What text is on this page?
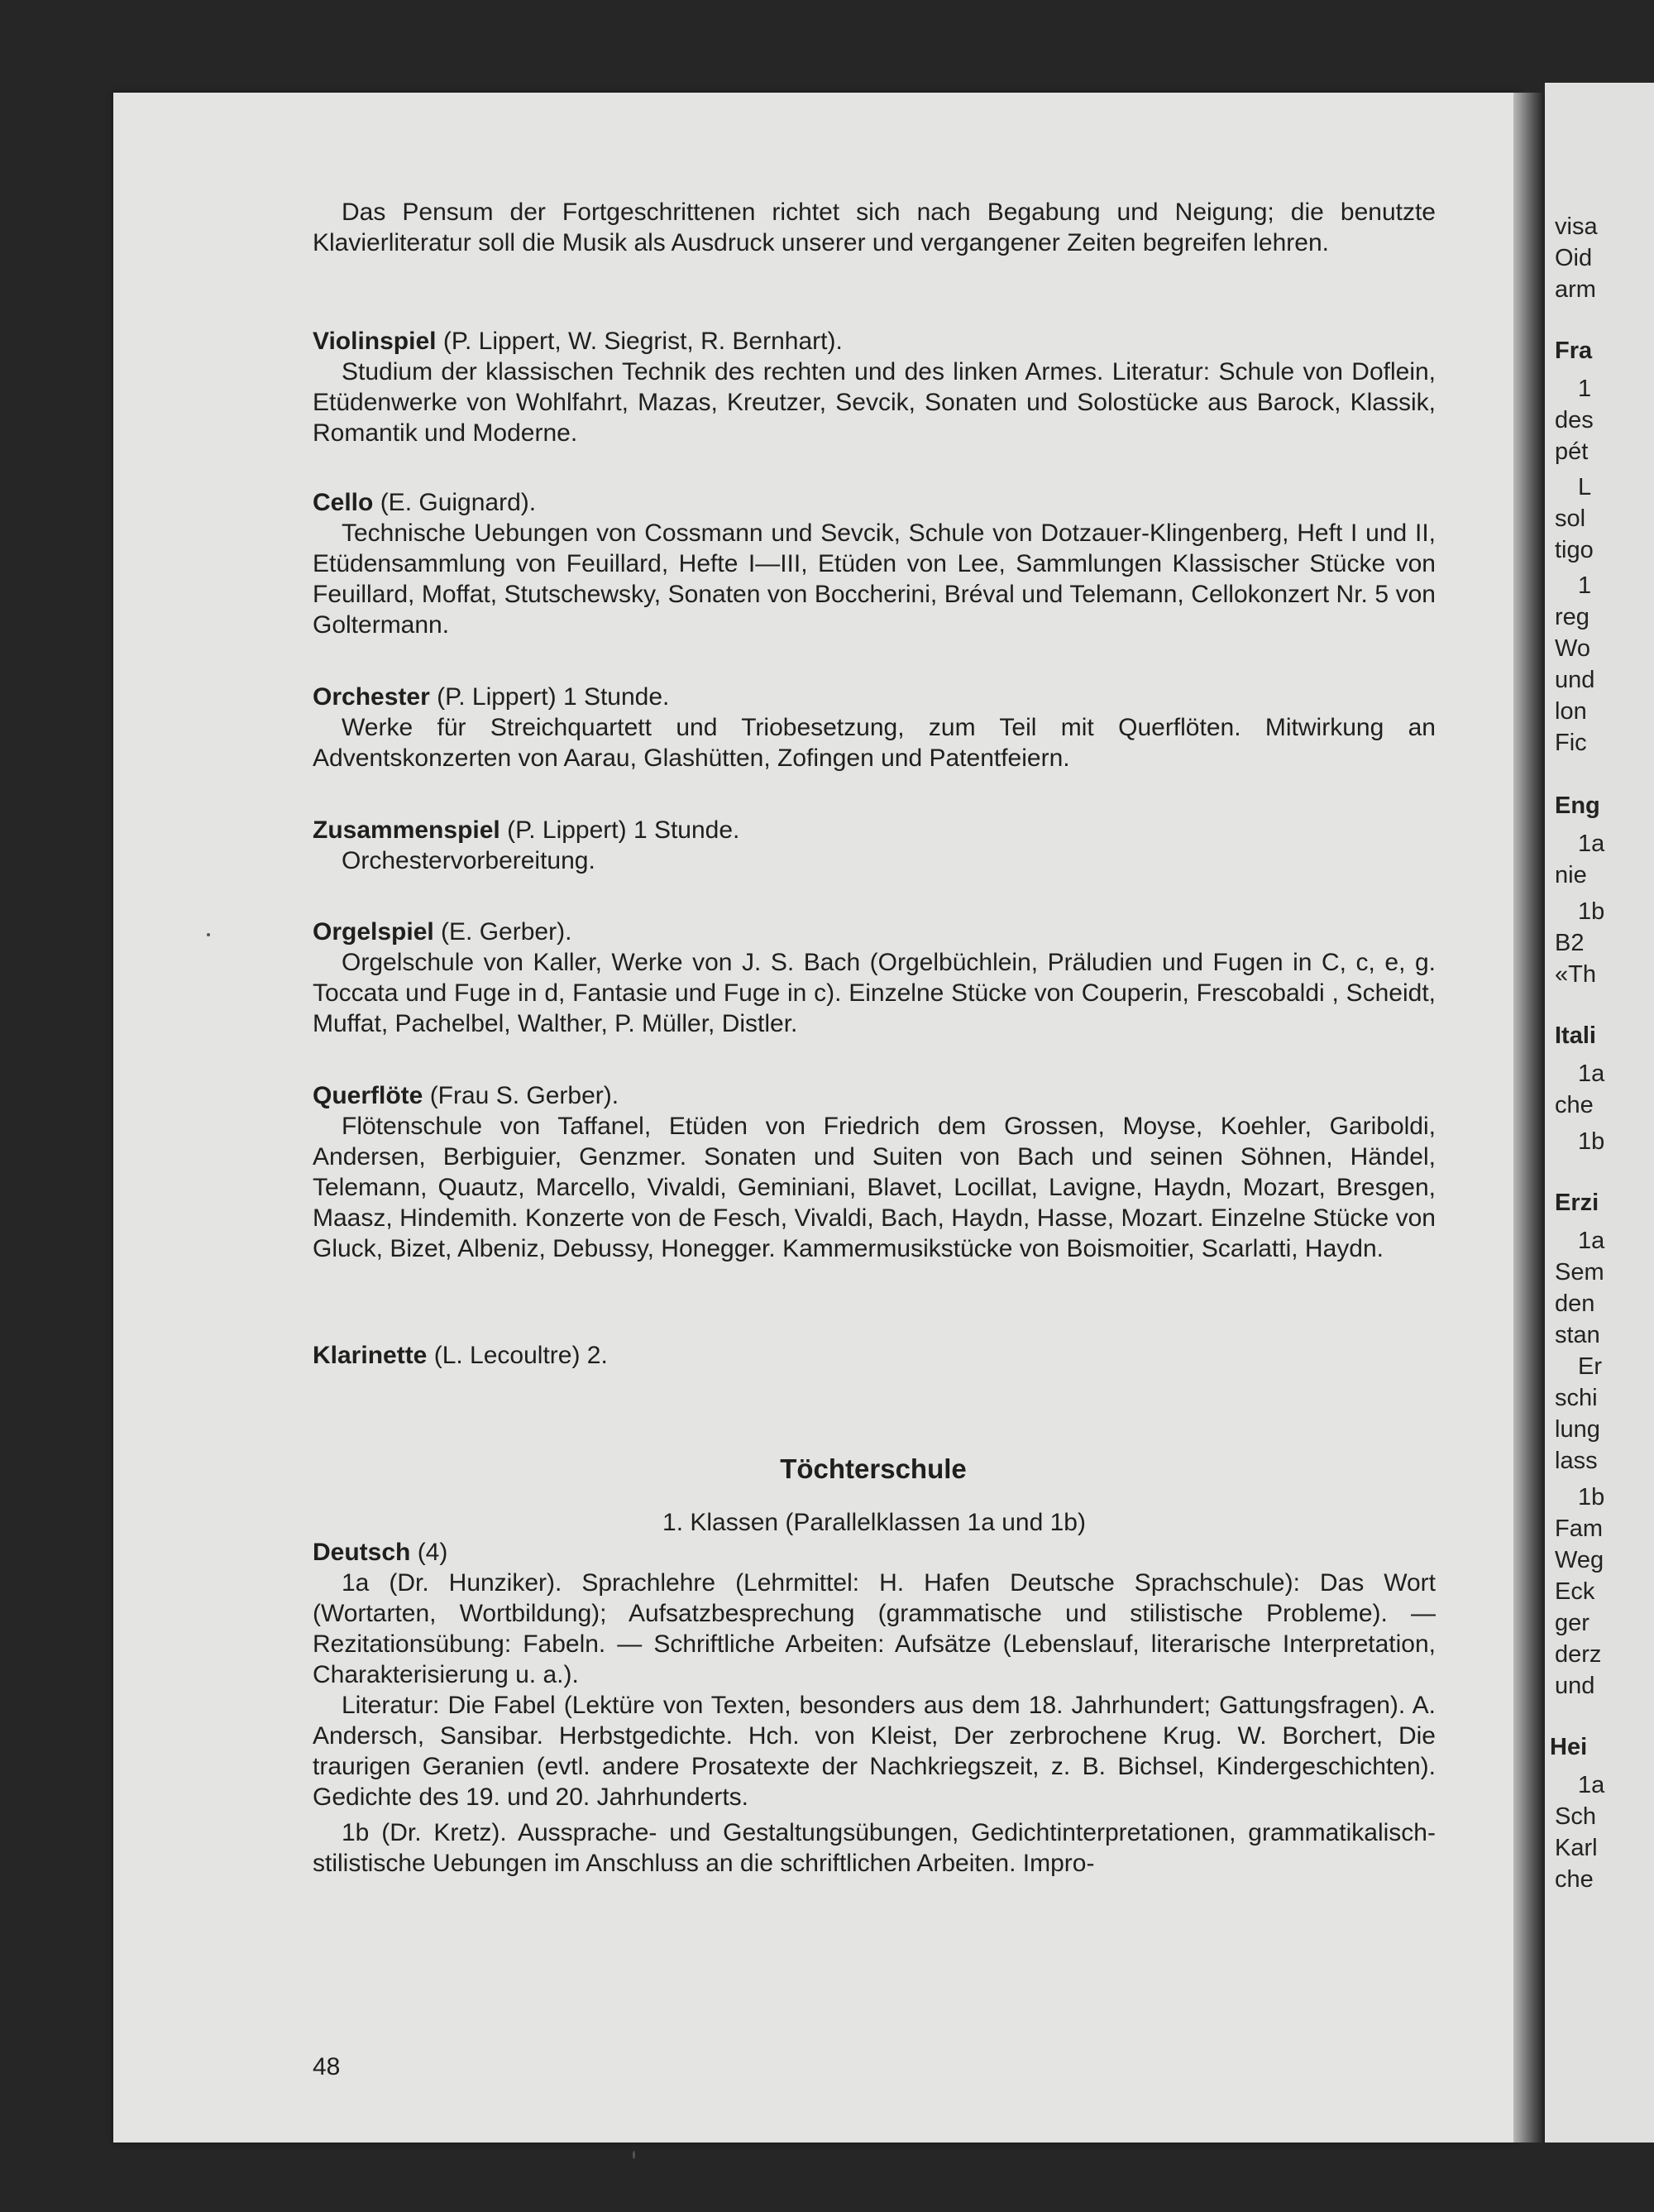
visa
Oid
arm
Fra
1
des
pét
L
sol
tigo
1
reg
Wo
und
lon
Fic
Eng
1a
nie
1b
B2
«Th
Itali
1a
che
1b
Erzi
1a
Sem
den
stan
Er
schi
lung
lass
1b
Fam
Weg
Eck
ger
derz
und
Hei
1a
Sch
Karl
che
Das Pensum der Fortgeschrittenen richtet sich nach Begabung und Neigung; die benutzte Klavierliteratur soll die Musik als Ausdruck unserer und vergangener Zeiten begreifen lehren.
Violinspiel (P. Lippert, W. Siegrist, R. Bernhart).
Studium der klassischen Technik des rechten und des linken Armes. Literatur: Schule von Doflein, Etüdenwerke von Wohlfahrt, Mazas, Kreutzer, Sevcik, Sonaten und Solostücke aus Barock, Klassik, Romantik und Moderne.
Cello (E. Guignard).
Technische Uebungen von Cossmann und Sevcik, Schule von Dotzauer-Klingenberg, Heft I und II, Etüdensammlung von Feuillard, Hefte I—III, Etüden von Lee, Sammlungen Klassischer Stücke von Feuillard, Moffat, Stutschewsky, Sonaten von Boccherini, Bréval und Telemann, Cellokonzert Nr. 5 von Goltermann.
Orchester (P. Lippert) 1 Stunde.
Werke für Streichquartett und Triobesetzung, zum Teil mit Querflöten. Mitwirkung an Adventskonzerten von Aarau, Glashütten, Zofingen und Patentfeiern.
Zusammenspiel (P. Lippert) 1 Stunde.
Orchestervorbereitung.
Orgelspiel (E. Gerber).
Orgelschule von Kaller, Werke von J. S. Bach (Orgelbüchlein, Präludien und Fugen in C, c, e, g. Toccata und Fuge in d, Fantasie und Fuge in c). Einzelne Stücke von Couperin, Frescobaldi , Scheidt, Muffat, Pachelbel, Walther, P. Müller, Distler.
Querflöte (Frau S. Gerber).
Flötenschule von Taffanel, Etüden von Friedrich dem Grossen, Moyse, Koehler, Gariboldi, Andersen, Berbiguier, Genzmer. Sonaten und Suiten von Bach und seinen Söhnen, Händel, Telemann, Quautz, Marcello, Vivaldi, Geminiani, Blavet, Locillat, Lavigne, Haydn, Mozart, Bresgen, Maasz, Hindemith. Konzerte von de Fesch, Vivaldi, Bach, Haydn, Hasse, Mozart. Einzelne Stücke von Gluck, Bizet, Albeniz, Debussy, Honegger. Kammermusikstücke von Boismoitier, Scarlatti, Haydn.
Klarinette (L. Lecoultre) 2.
1. Klassen (Parallelklassen 1a und 1b)
Deutsch (4)
1a (Dr. Hunziker). Sprachlehre (Lehrmittel: H. Hafen Deutsche Sprachschule): Das Wort (Wortarten, Wortbildung); Aufsatzbesprechung (grammatische und stilistische Probleme). — Rezitationsübung: Fabeln. — Schriftliche Arbeiten: Aufsätze (Lebenslauf, literarische Interpretation, Charakterisierung u. a.).
Literatur: Die Fabel (Lektüre von Texten, besonders aus dem 18. Jahrhundert; Gattungsfragen). A. Andersch, Sansibar. Herbstgedichte. Hch. von Kleist, Der zerbrochene Krug. W. Borchert, Die traurigen Geranien (evtl. andere Prosatexte der Nachkriegszeit, z. B. Bichsel, Kindergeschichten). Gedichte des 19. und 20. Jahrhunderts.
1b (Dr. Kretz). Aussprache- und Gestaltungsübungen, Gedichtinterpretationen, grammatikalisch-stilistische Uebungen im Anschluss an die schriftlichen Arbeiten. Impro-
Töchterschule
48
